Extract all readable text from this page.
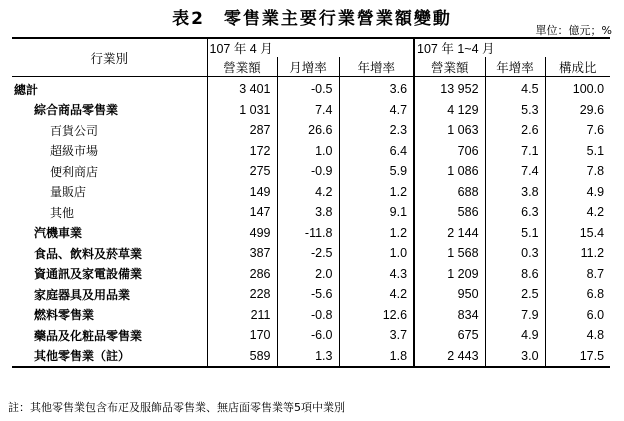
表2　零售業主要行業營業額變動
單位：億元；%
行業別	107 年 4 月			107 年 1~4 月		
	營業額	月增率	年增率	營業額	年增率	構成比
總計	3 401	-0.5	3.6	13 952	4.5	100.0
綜合商品零售業	1 031	7.4	4.7	4 129	5.3	29.6
百貨公司	287	26.6	2.3	1 063	2.6	7.6
超級市場	172	1.0	6.4	706	7.1	5.1
便利商店	275	-0.9	5.9	1 086	7.4	7.8
量販店	149	4.2	1.2	688	3.8	4.9
其他	147	3.8	9.1	586	6.3	4.2
汽機車業	499	-11.8	1.2	2 144	5.1	15.4
食品、飲料及菸草業	387	-2.5	1.0	1 568	0.3	11.2
資通訊及家電設備業	286	2.0	4.3	1 209	8.6	8.7
家庭器具及用品業	228	-5.6	4.2	950	2.5	6.8
燃料零售業	211	-0.8	12.6	834	7.9	6.0
藥品及化粧品零售業	170	-6.0	3.7	675	4.9	4.8
其他零售業（註）	589	1.3	1.8	2 443	3.0	17.5
註：其他零售業包含布疋及服飾品零售業、無店面零售業等5項中業別
